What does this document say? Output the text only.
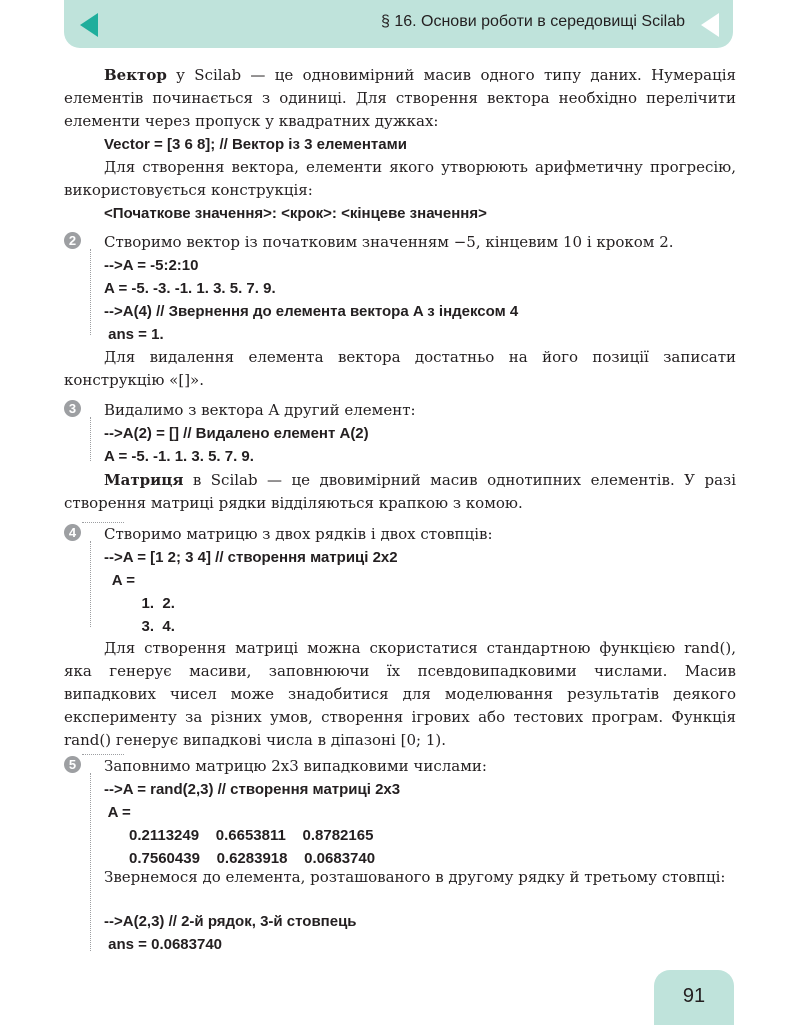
§ 16. Основи роботи в середовищі Scilab

Вектор у Scilab — це одновимірний масив одного типу даних. Нумерація елементів починається з одиниці. Для створення вектора необхідно перелічити елементи через пропуск у квадратних дужках:

Vector = [3 6 8]; // Вектор із 3 елементами

Для створення вектора, елементи якого утворюють арифметичну прогресію, використовується конструкція:

<Початкове значення>: <крок>: <кінцеве значення>
2	Створимо вектор із початковим значенням −5, кінцевим 10 і кроком 2.

-->A = -5:2:10
A = -5. -3. -1. 1. 3. 5. 7. 9.
-->A(4) // Звернення до елемента вектора A з індексом 4
ans = 1.

Для видалення елемента вектора достатньо на його позиції записати конструкцію «[]».

3	Видалимо з вектора A другий елемент:

-->A(2) = [] // Видалено елемент A(2)
A = -5. -1. 1. 3. 5. 7. 9.

Матриця в Scilab — це двовимірний масив однотипних елементів. У разі створення матриці рядки відділяються крапкою з комою.

4	Створимо матрицю з двох рядків і двох стовпців:

-->A = [1 2; 3 4] // створення матриці 2x2
A =
1.  2.
3.  4.

Для створення матриці можна скористатися стандартною функцією rand(), яка генерує масиви, заповнюючи їх псевдовипадковими числами. Масив випадкових чисел може знадобитися для моделювання результатів деякого експерименту за різних умов, створення ігрових або тестових програм. Функція rand() генерує випадкові числа в діпазоні [0; 1).

5	Заповнимо матрицю 2x3 випадковими числами:

-->A = rand(2,3) // створення матриці 2x3
A =
0.2113249    0.6653811    0.8782165
0.7560439    0.6283918    0.0683740

Звернемося до елемента, розташованого в другому рядку й третьому стовпці:

-->A(2,3) // 2-й рядок, 3-й стовпець
ans = 0.0683740
91
